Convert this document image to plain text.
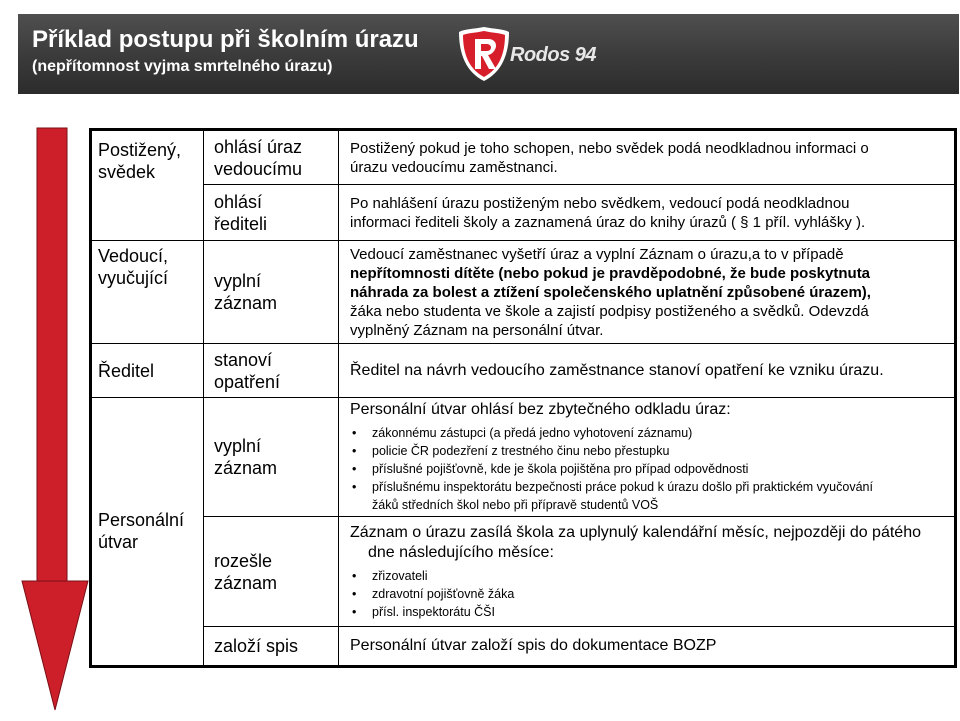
Příklad postupu při školním úrazu
(nepřítomnost vyjma smrtelného úrazu)
Rodos 94
Postižený,
svědek
Vedoucí,
vyučující
Ředitel
Personální
útvar
ohlásí úraz
vedoucímu
ohlásí
řediteli
vyplní
záznam
stanoví
opatření
vyplní
záznam
rozešle
záznam
založí spis
Postižený pokud je toho schopen, nebo svědek podá neodkladnou informaci o
úrazu vedoucímu zaměstnanci.
Po nahlášení úrazu postiženým nebo svědkem, vedoucí podá neodkladnou
informaci řediteli školy a zaznamená úraz do knihy úrazů ( § 1 příl. vyhlášky ).
Vedoucí zaměstnanec vyšetří úraz a vyplní Záznam o úrazu,a to v případě
nepřítomnosti dítěte (nebo pokud je pravděpodobné, že bude poskytnuta
náhrada za bolest a ztížení společenského uplatnění způsobené úrazem),
žáka nebo studenta ve škole a zajistí podpisy postiženého a svědků. Odevzdá
vyplněný Záznam na personální útvar.
Ředitel na návrh vedoucího zaměstnance stanoví opatření ke vzniku úrazu.
Personální útvar ohlásí bez zbytečného odkladu úraz:
• zákonnému zástupci (a předá jedno vyhotovení záznamu)
• policie ČR podezření z trestného činu nebo přestupku
• příslušné pojišťovně, kde je škola pojištěna pro případ odpovědnosti
• příslušnému inspektorátu bezpečnosti práce pokud k úrazu došlo při praktickém vyučování
žáků středních škol nebo při přípravě studentů VOŠ
Záznam o úrazu zasílá škola za uplynulý kalendářní měsíc, nejpozději do pátého
dne následujícího měsíce:
• zřizovateli
• zdravotní pojišťovně žáka
• přísl. inspektorátu ČŠI
Personální útvar založí spis do dokumentace BOZP
